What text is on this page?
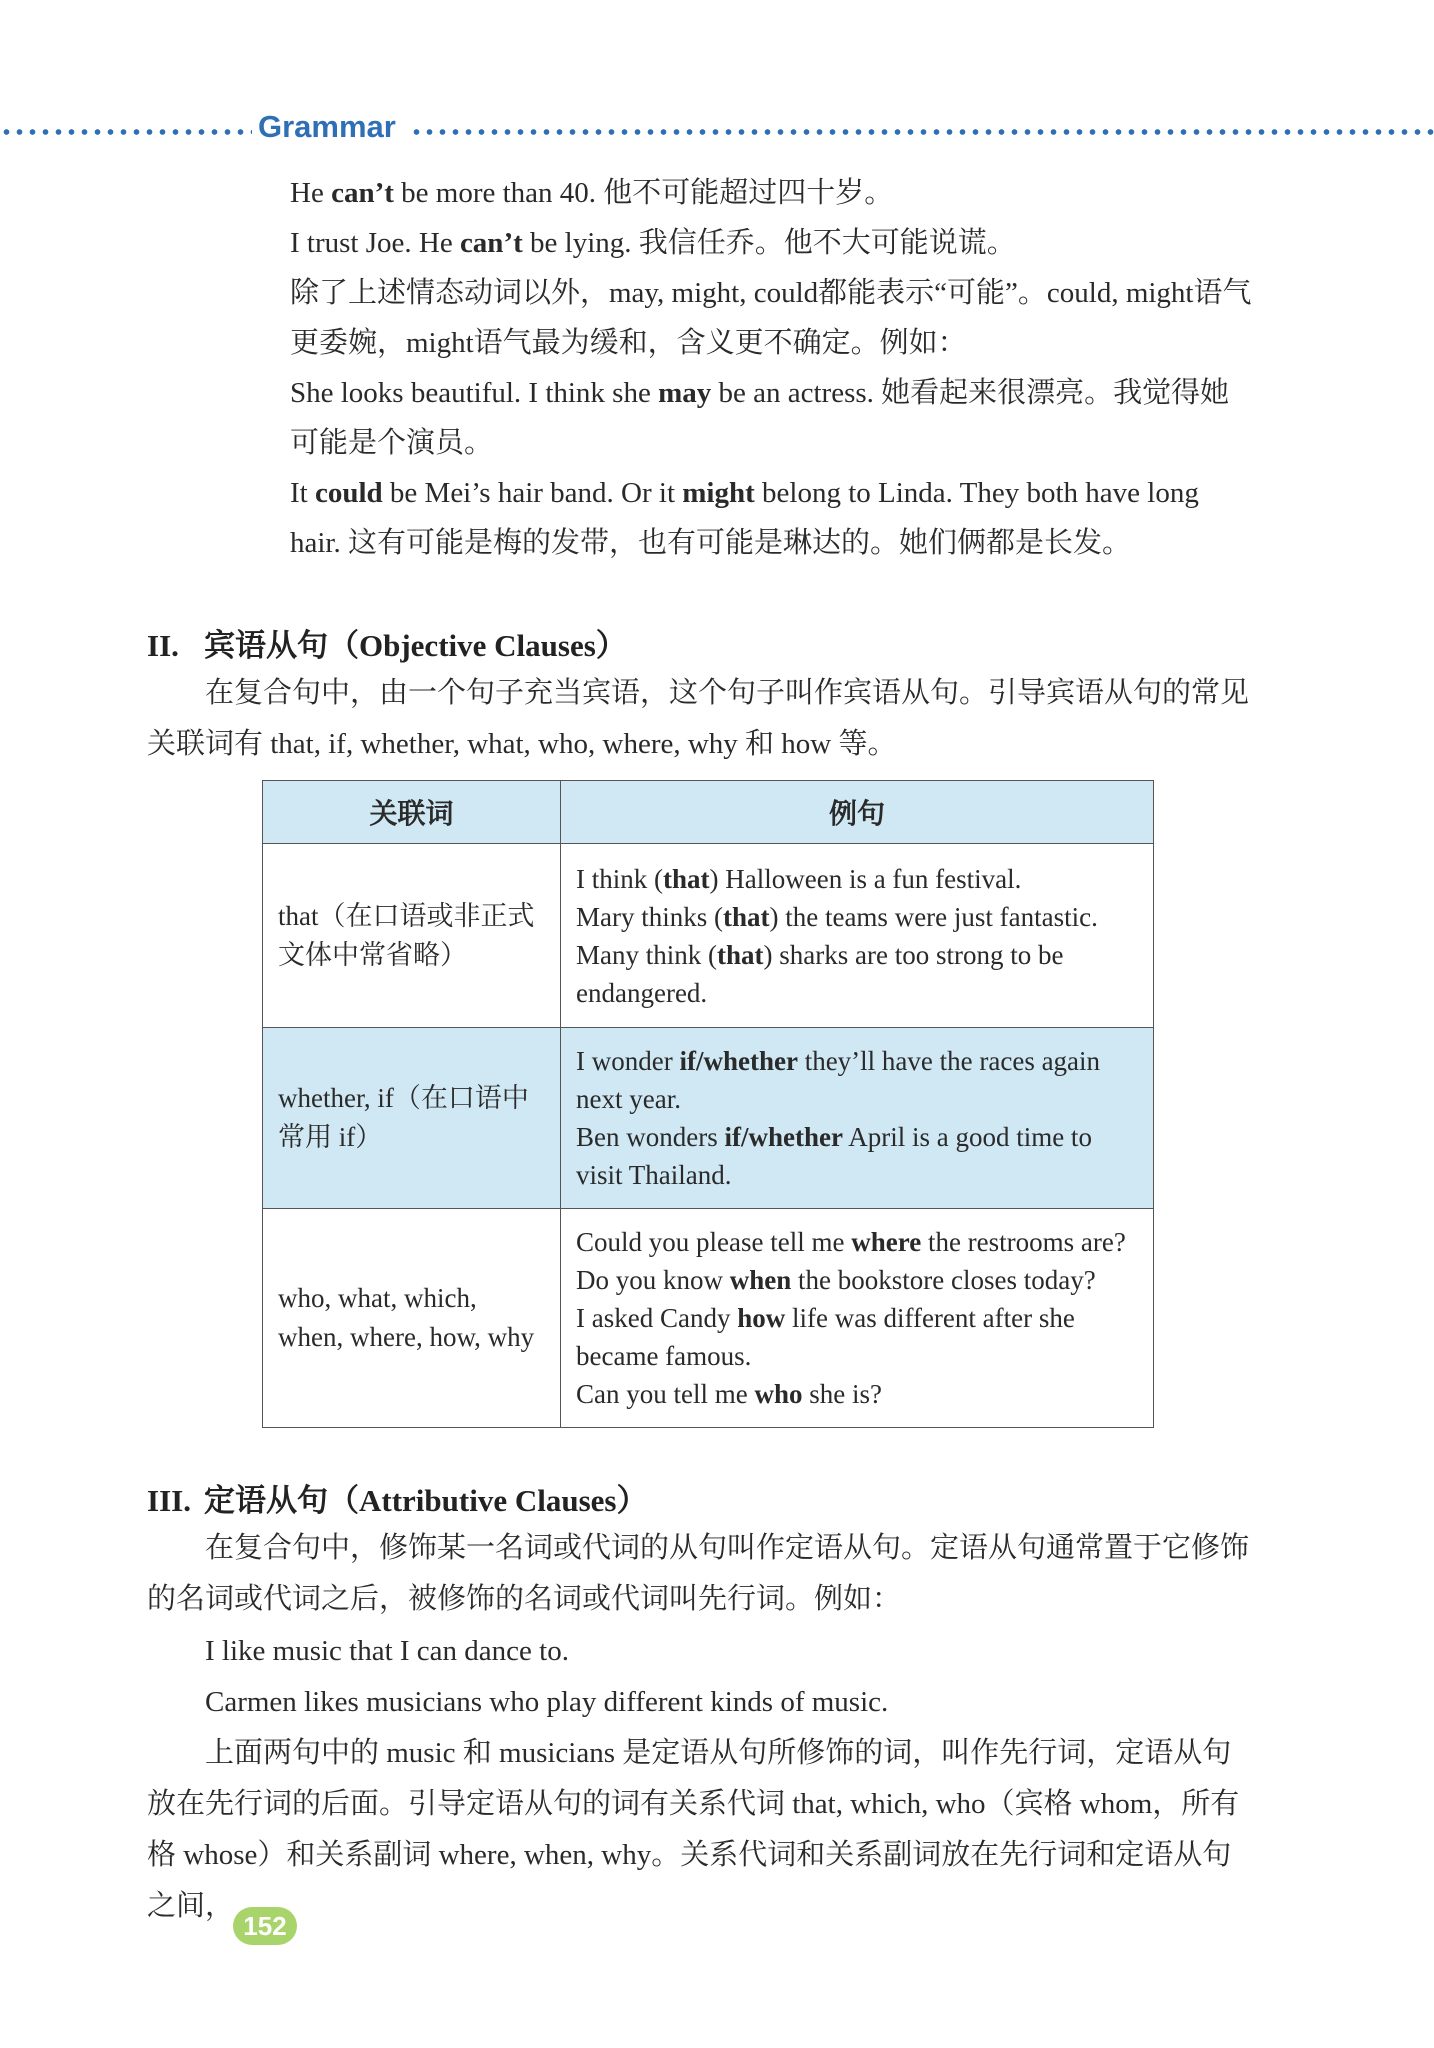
Grammar

He can’t be more than 40. 他不可能超过四十岁。

I trust Joe. He can’t be lying. 我信任乔。他不大可能说谎。

除了上述情态动词以外，may, might, could都能表示“可能”。could, might语气更委婉，might语气最为缓和，含义更不确定。例如：

She looks beautiful. I think she may be an actress. 她看起来很漂亮。我觉得她可能是个演员。

It could be Mei’s hair band. Or it might belong to Linda. They both have long hair. 这有可能是梅的发带，也有可能是琳达的。她们俩都是长发。

II. 宾语从句（Objective Clauses）

在复合句中，由一个句子充当宾语，这个句子叫作宾语从句。引导宾语从句的常见关联词有 that, if, whether, what, who, where, why 和 how 等。

关联词	例句
that（在口语或非正式文体中常省略）	I think (that) Halloween is a fun festival.
Mary thinks (that) the teams were just fantastic.
Many think (that) sharks are too strong to be endangered.

whether, if（在口语中常用 if）	I wonder if/whether they’ll have the races again next year.
Ben wonders if/whether April is a good time to visit Thailand.

who, what, which, when, where, how, why	Could you please tell me where the restrooms are?
Do you know when the bookstore closes today?
I asked Candy how life was different after she became famous.
Can you tell me who she is?
III. 定语从句（Attributive Clauses）

在复合句中，修饰某一名词或代词的从句叫作定语从句。定语从句通常置于它修饰的名词或代词之后，被修饰的名词或代词叫先行词。例如：

I like music that I can dance to.

Carmen likes musicians who play different kinds of music.

上面两句中的 music 和 musicians 是定语从句所修饰的词，叫作先行词，定语从句放在先行词的后面。引导定语从句的词有关系代词 that, which, who（宾格 whom，所有格 whose）和关系副词 where, when, why。关系代词和关系副词放在先行词和定语从句之间，

152
